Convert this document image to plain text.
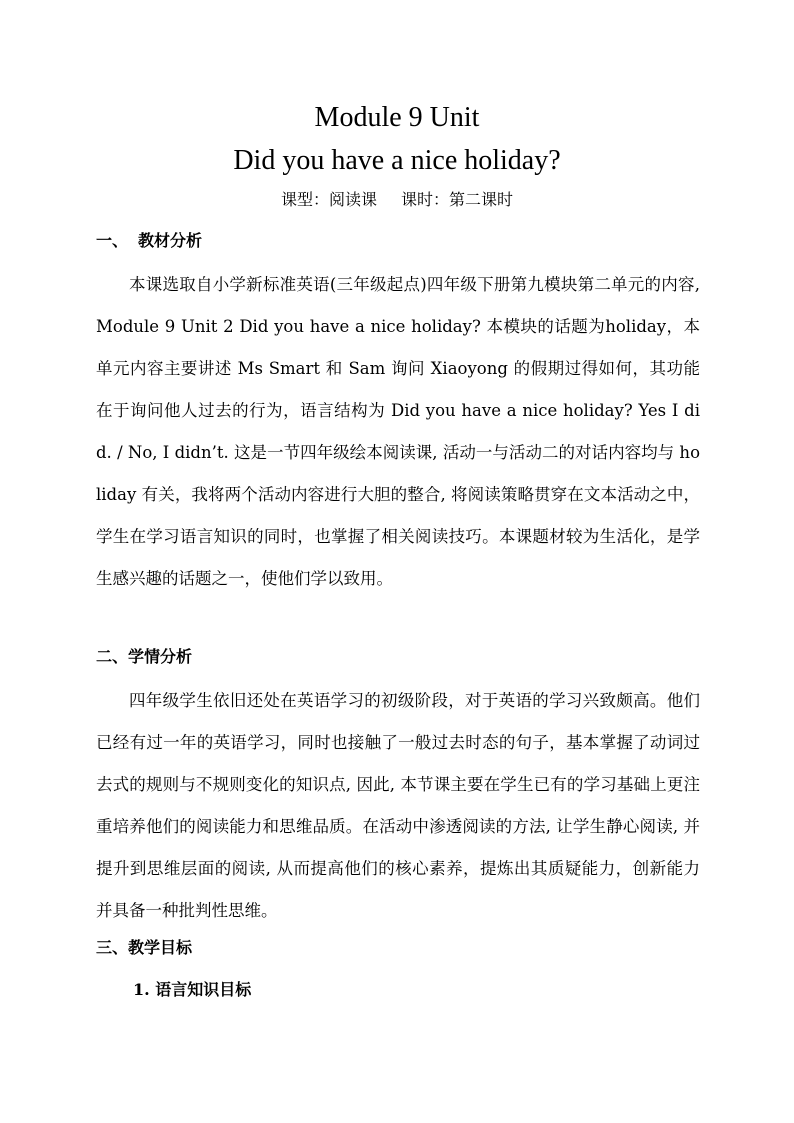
Module 9 Unit
Did you have a nice holiday?
课型：阅读课 课时：第二课时
一、 教材分析
本课选取自小学新标准英语(三年级起点)四年级下册第九模块第二单元的内容, Module 9 Unit 2 Did you have a nice holiday? 本模块的话题为holiday，本单元内容主要讲述 Ms Smart 和 Sam 询问 Xiaoyong 的假期过得如何，其功能在于询问他人过去的行为，语言结构为 Did you have a nice holiday? Yes I did. / No, I didn’t. 这是一节四年级绘本阅读课, 活动一与活动二的对话内容均与 holiday 有关，我将两个活动内容进行大胆的整合, 将阅读策略贯穿在文本活动之中，学生在学习语言知识的同时，也掌握了相关阅读技巧。本课题材较为生活化，是学生感兴趣的话题之一，使他们学以致用。
二、学情分析
四年级学生依旧还处在英语学习的初级阶段，对于英语的学习兴致颇高。他们已经有过一年的英语学习，同时也接触了一般过去时态的句子，基本掌握了动词过去式的规则与不规则变化的知识点, 因此, 本节课主要在学生已有的学习基础上更注重培养他们的阅读能力和思维品质。在活动中渗透阅读的方法, 让学生静心阅读, 并提升到思维层面的阅读, 从而提高他们的核心素养，提炼出其质疑能力，创新能力并具备一种批判性思维。
三、教学目标
1. 语言知识目标
